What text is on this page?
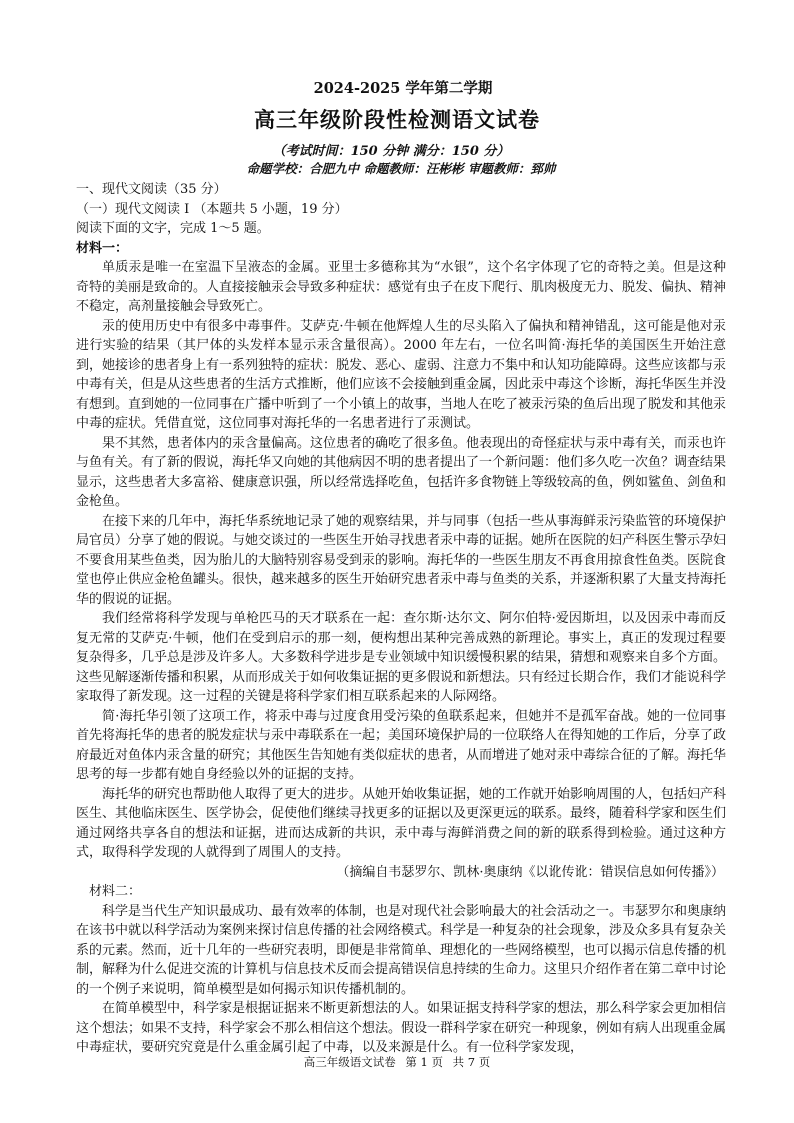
2024-2025 学年第二学期
高三年级阶段性检测语文试卷
（考试时间：150 分钟 满分：150 分）
命题学校：合肥九中 命题教师：汪彬彬 审题教师：郅帅

一、现代文阅读（35 分）

（一）现代文阅读 I （本题共 5 小题，19 分）

阅读下面的文字，完成 1～5 题。

材料一：

单质汞是唯一在室温下呈液态的金属。亚里士多德称其为“水银”，这个名字体现了它的奇特之美。但是这种奇特的美丽是致命的。人直接接触汞会导致多种症状：感觉有虫子在皮下爬行、肌肉极度无力、脱发、偏执、精神不稳定，高剂量接触会导致死亡。

汞的使用历史中有很多中毒事件。艾萨克·牛顿在他辉煌人生的尽头陷入了偏执和精神错乱，这可能是他对汞进行实验的结果（其尸体的头发样本显示汞含量很高）。2000 年左右，一位名叫简·海托华的美国医生开始注意到，她接诊的患者身上有一系列独特的症状：脱发、恶心、虚弱、注意力不集中和认知功能障碍。这些应该都与汞中毒有关，但是从这些患者的生活方式推断，他们应该不会接触到重金属，因此汞中毒这个诊断，海托华医生并没有想到。直到她的一位同事在广播中听到了一个小镇上的故事，当地人在吃了被汞污染的鱼后出现了脱发和其他汞中毒的症状。凭借直觉，这位同事对海托华的一名患者进行了汞测试。

果不其然，患者体内的汞含量偏高。这位患者的确吃了很多鱼。他表现出的奇怪症状与汞中毒有关，而汞也许与鱼有关。有了新的假说，海托华又向她的其他病因不明的患者提出了一个新问题：他们多久吃一次鱼？调查结果显示，这些患者大多富裕、健康意识强，所以经常选择吃鱼，包括许多食物链上等级较高的鱼，例如鲨鱼、剑鱼和金枪鱼。

在接下来的几年中，海托华系统地记录了她的观察结果，并与同事（包括一些从事海鲜汞污染监管的环境保护局官员）分享了她的假说。与她交谈过的一些医生开始寻找患者汞中毒的证据。她所在医院的妇产科医生警示孕妇不要食用某些鱼类，因为胎儿的大脑特别容易受到汞的影响。海托华的一些医生朋友不再食用掠食性鱼类。医院食堂也停止供应金枪鱼罐头。很快，越来越多的医生开始研究患者汞中毒与鱼类的关系，并逐渐积累了大量支持海托华的假说的证据。

我们经常将科学发现与单枪匹马的天才联系在一起：查尔斯·达尔文、阿尔伯特·爱因斯坦，以及因汞中毒而反复无常的艾萨克·牛顿，他们在受到启示的那一刻，便构想出某种完善成熟的新理论。事实上，真正的发现过程要复杂得多，几乎总是涉及许多人。大多数科学进步是专业领域中知识缓慢积累的结果，猜想和观察来自多个方面。这些见解逐渐传播和积累，从而形成关于如何收集证据的更多假说和新想法。只有经过长期合作，我们才能说科学家取得了新发现。这一过程的关键是将科学家们相互联系起来的人际网络。

简·海托华引领了这项工作，将汞中毒与过度食用受污染的鱼联系起来，但她并不是孤军奋战。她的一位同事首先将海托华的患者的脱发症状与汞中毒联系在一起；美国环境保护局的一位联络人在得知她的工作后，分享了政府最近对鱼体内汞含量的研究；其他医生告知她有类似症状的患者，从而增进了她对汞中毒综合征的了解。海托华思考的每一步都有她自身经验以外的证据的支持。

海托华的研究也帮助他人取得了更大的进步。从她开始收集证据，她的工作就开始影响周围的人，包括妇产科医生、其他临床医生、医学协会，促使他们继续寻找更多的证据以及更深更远的联系。最终，随着科学家和医生们通过网络共享各自的想法和证据，进而达成新的共识，汞中毒与海鲜消费之间的新的联系得到检验。通过这种方式，取得科学发现的人就得到了周围人的支持。

（摘编自韦瑟罗尔、凯林·奥康纳《以讹传讹：错误信息如何传播》）

材料二：

科学是当代生产知识最成功、最有效率的体制，也是对现代社会影响最大的社会活动之一。韦瑟罗尔和奥康纳在该书中就以科学活动为案例来探讨信息传播的社会网络模式。科学是一种复杂的社会现象，涉及众多具有复杂关系的元素。然而，近十几年的一些研究表明，即便是非常简单、理想化的一些网络模型，也可以揭示信息传播的机制，解释为什么促进交流的计算机与信息技术反而会提高错误信息持续的生命力。这里只介绍作者在第二章中讨论的一个例子来说明，简单模型是如何揭示知识传播机制的。

在简单模型中，科学家是根据证据来不断更新想法的人。如果证据支持科学家的想法，那么科学家会更加相信这个想法；如果不支持，科学家会不那么相信这个想法。假设一群科学家在研究一种现象，例如有病人出现重金属中毒症状，要研究究竟是什么重金属引起了中毒，以及来源是什么。有一位科学家发现，

高三年级语文试卷 第 1 页 共 7 页
